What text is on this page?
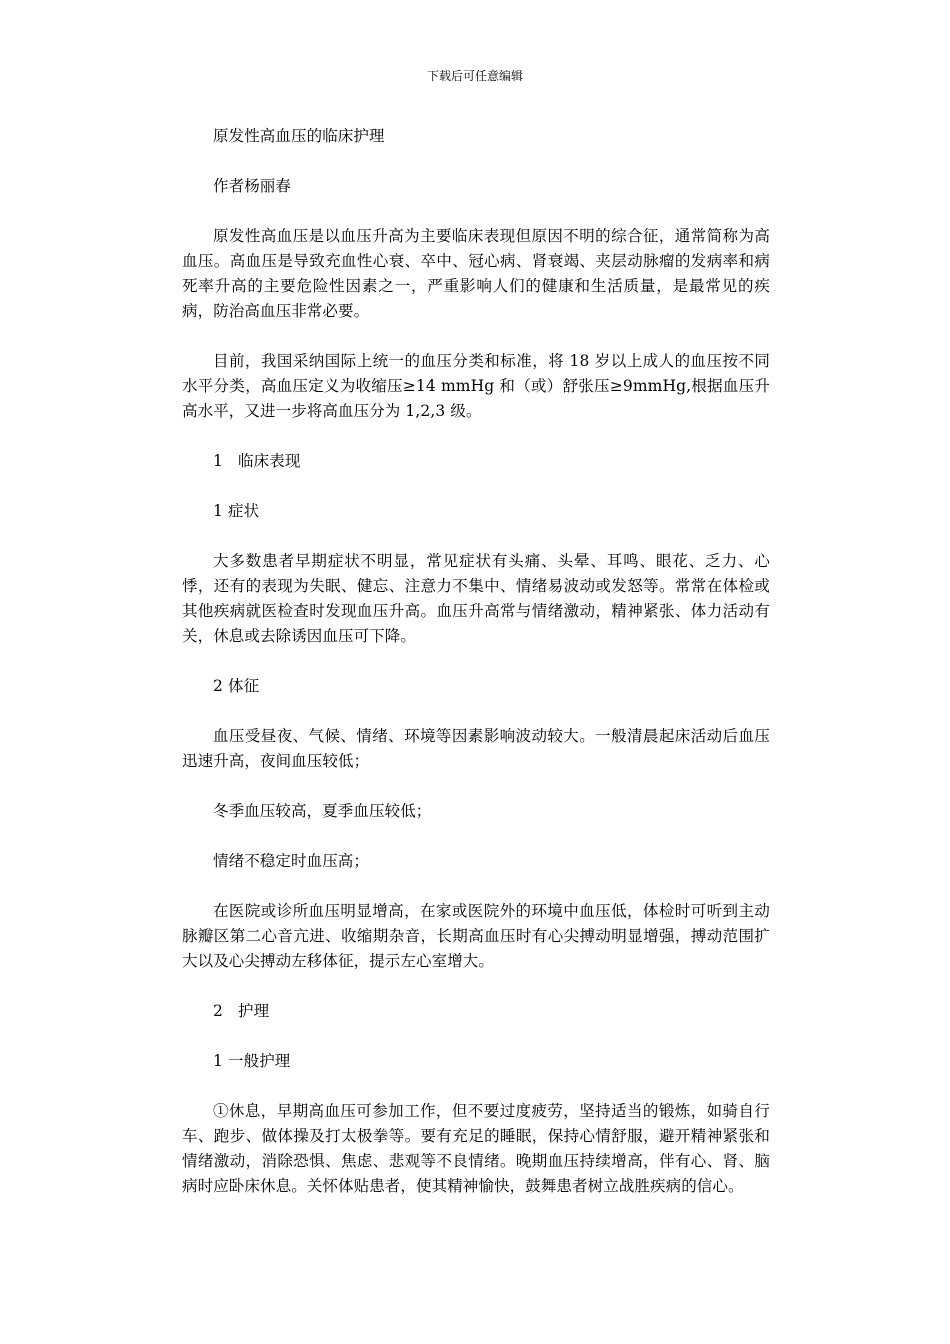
下载后可任意编辑
原发性高血压的临床护理
作者杨丽春
原发性高血压是以血压升高为主要临床表现但原因不明的综合征，通常简称为高血压。高血压是导致充血性心衰、卒中、冠心病、肾衰竭、夹层动脉瘤的发病率和病死率升高的主要危险性因素之一，严重影响人们的健康和生活质量，是最常见的疾病，防治高血压非常必要。
目前，我国采纳国际上统一的血压分类和标准，将 18 岁以上成人的血压按不同水平分类，高血压定义为收缩压≥14 mmHg 和（或）舒张压≥9mmHg,根据血压升高水平，又进一步将高血压分为 1,2,3 级。
1   临床表现
1 症状
大多数患者早期症状不明显，常见症状有头痛、头晕、耳鸣、眼花、乏力、心悸，还有的表现为失眠、健忘、注意力不集中、情绪易波动或发怒等。常常在体检或其他疾病就医检查时发现血压升高。血压升高常与情绪激动，精神紧张、体力活动有关，休息或去除诱因血压可下降。
2 体征
血压受昼夜、气候、情绪、环境等因素影响波动较大。一般清晨起床活动后血压迅速升高，夜间血压较低；
冬季血压较高，夏季血压较低；
情绪不稳定时血压高；
在医院或诊所血压明显增高，在家或医院外的环境中血压低，体检时可听到主动脉瓣区第二心音亢进、收缩期杂音，长期高血压时有心尖搏动明显增强，搏动范围扩大以及心尖搏动左移体征，提示左心室增大。
2   护理
1 一般护理
①休息，早期高血压可参加工作，但不要过度疲劳，坚持适当的锻炼，如骑自行车、跑步、做体操及打太极拳等。要有充足的睡眠，保持心情舒服，避开精神紧张和情绪激动，消除恐惧、焦虑、悲观等不良情绪。晚期血压持续增高，伴有心、肾、脑病时应卧床休息。关怀体贴患者，使其精神愉快，鼓舞患者树立战胜疾病的信心。
